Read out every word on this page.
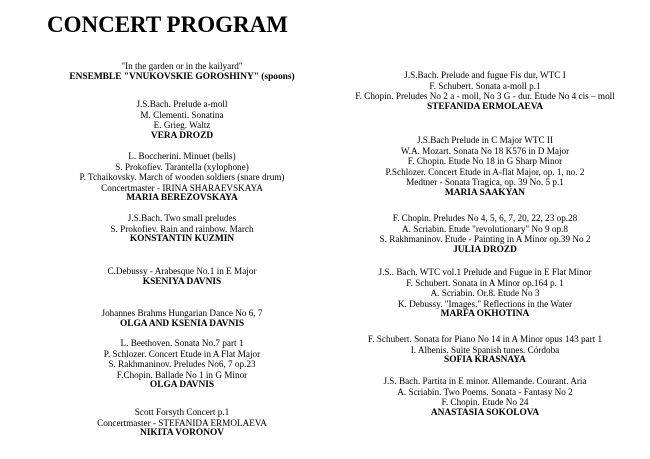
CONCERT PROGRAM
"In the garden or in the kailyard"
ENSEMBLE "VNUKOVSKIE GOROSHINY" (spoons)
J.S.Bach. Prelude a-moll
M. Clementi. Sonatina
E. Grieg. Waltz
VERA DROZD
L. Boccherini. Minuet (bells)
S. Prokofiev. Tarantella (xylophone)
P. Tchaikovsky. March of wooden soldiers (snare drum)
Concertmaster - IRINA SHARAEVSKAYA
MARIA BEREZOVSKAYA
J.S.Bach. Two small preludes
S. Prokofiev. Rain and rainbow. March
KONSTANTIN KUZMIN
C.Debussy - Arabesque No.1 in E Major
KSENIYA DAVNIS
Johannes Brahms Hungarian Dance No 6, 7
OLGA AND KSENIA DAVNIS
L. Beethoven. Sonata No.7 part 1
P. Schlozer. Concert Etude in A Flat Major
S. Rakhmaninov. Preludes No6, 7 op.23
F.Chopin. Ballade No 1 in G Minor
OLGA DAVNIS
Scott Forsyth Concert p.1
Concertmaster - STEFANIDA ERMOLAEVA
NIKITA VORONOV
J.S.Bach. Prelude and fugue Fis dur, WTC I
F. Schubert. Sonata a-moll p.1
F. Chopin. Preludes No 2 a - moll, No 3 G - dur. Etude No 4 cis – moll
STEFANIDA ERMOLAEVA
J.S.Bach Prelude in C Major WTC II
W.A. Mozart. Sonata No 18 K576 in D Major
F. Chopin. Etude No 18 in G Sharp Minor
P.Schlozer. Concert Etude in A-flat Major, op. 1, no. 2
Medtner - Sonata Tragica, op. 39 No. 5 p.1
MARIA SAAKYAN
F. Chopin. Preludes No 4, 5, 6, 7, 20, 22, 23 op.28
A. Scriabin. Etude "revolutionary" No 9 op.8
S. Rakhmaninov. Etude - Painting in A Minor op.39 No 2
JULIA DROZD
J.S.. Bach. WTC vol.1 Prelude and Fugue in E Flat Minor
F. Schubert. Sonata in A Minor op.164 p. 1
A. Scriabin. Or.8. Etude No 3
K. Debussy. "Images." Reflections in the Water
MARFA OKHOTINA
F. Schubert. Sonata for Piano No 14 in A Minor opus 143 part 1
I. Albenis. Suite Spanish tunes. Córdoba
SOFIA KRASNAYA
J.S. Bach. Partita in E minor. Allemande. Courant. Aria
A. Scriabin. Two Poems. Sonata - Fantasy No 2
F. Chopin. Etude No 24
ANASTASIA SOKOLOVA
